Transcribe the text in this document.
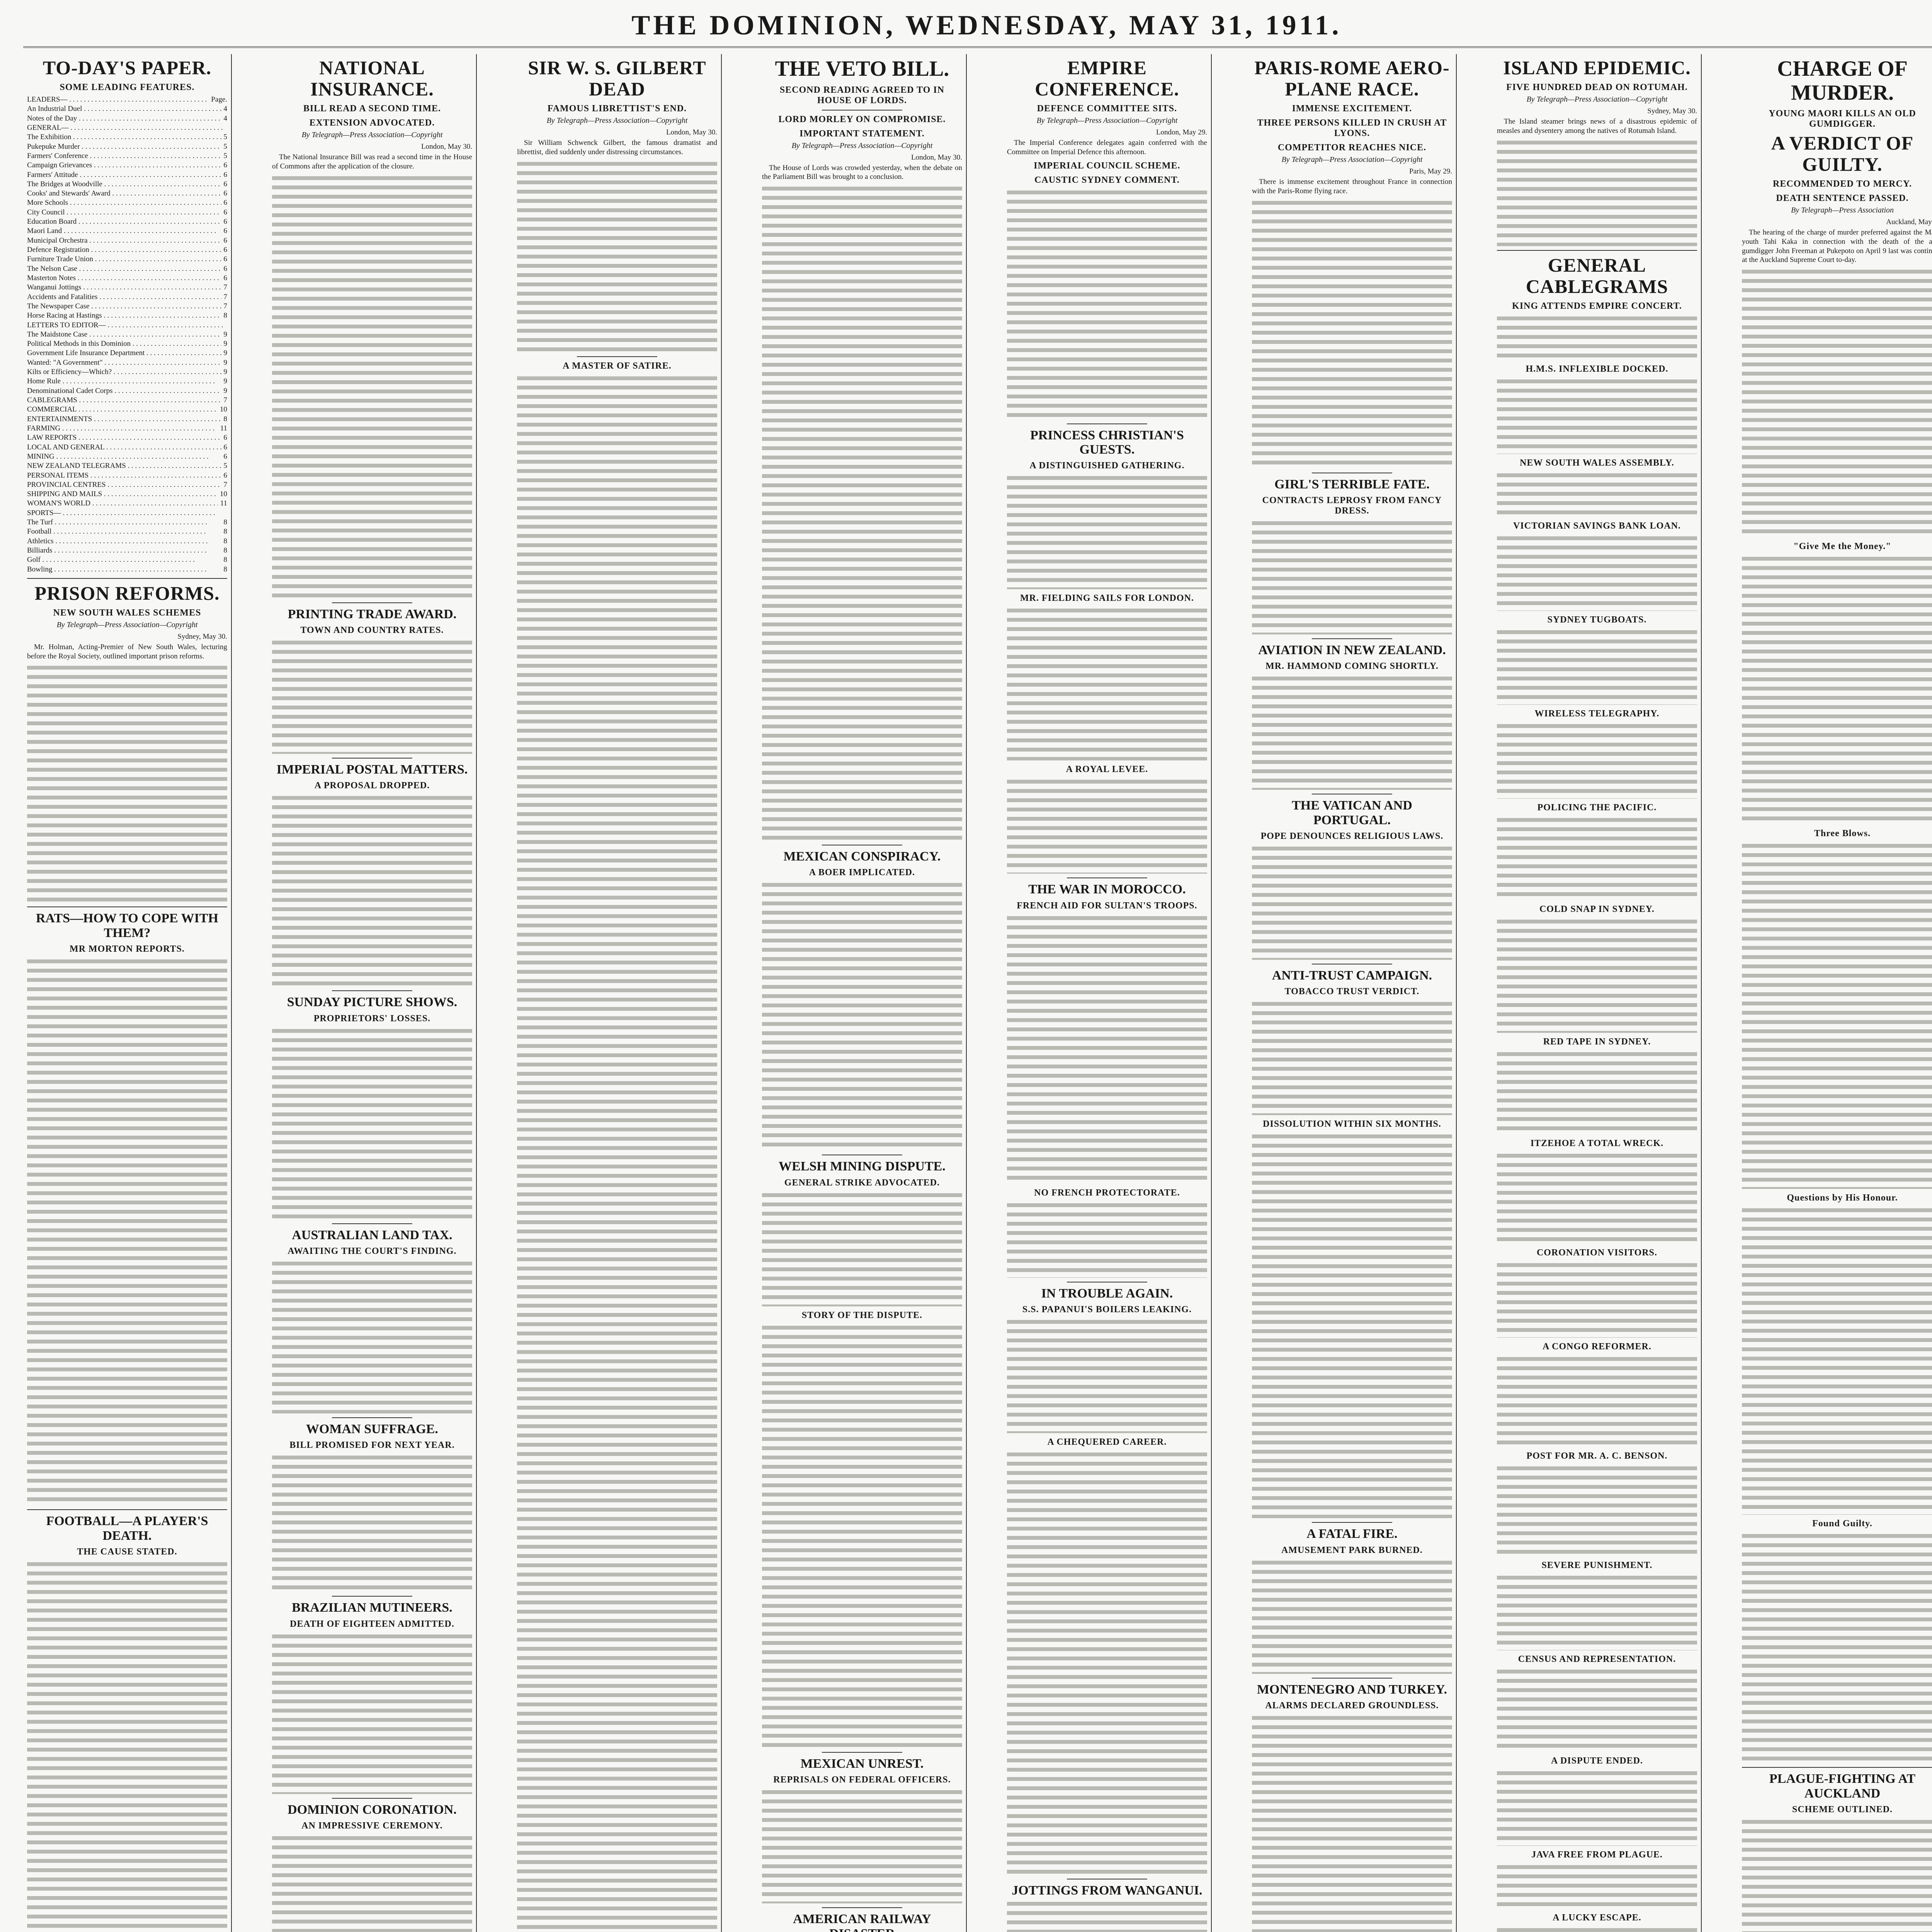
THE DOMINION, WEDNESDAY, MAY 31, 1911.
TO-DAY'S PAPER.
SOME LEADING FEATURES.
LEADERS—	Page.
An Industrial Duel	4
Notes of the Day	4
GENERAL—
The Exhibition	5
Pukepuke Murder	5
Farmers' Conference	5
Campaign Grievances	6
Farmers' Attitude	6
The Bridges at Woodville	6
Cooks' and Stewards' Award	6
More Schools	6
City Council	6
Education Board	6
Maori Land	6
Municipal Orchestra	6
Defence Registration	6
Furniture Trade Union	6
The Nelson Case	6
Masterton Notes	6
Wanganui Jottings	7
Accidents and Fatalities	7
The Newspaper Case	7
Horse Racing at Hastings	8
LETTERS TO EDITOR—
The Maidstone Case	9
Political Methods in this Dominion	9
Government Life Insurance Department	9
Wanted: "A Government"	9
Kilts or Efficiency—Which?	9
Home Rule	9
Denominational Cadet Corps	9
CABLEGRAMS	7
COMMERCIAL	10
ENTERTAINMENTS	8
FARMING	11
LAW REPORTS	6
LOCAL AND GENERAL	6
MINING	6
NEW ZEALAND TELEGRAMS	5
PERSONAL ITEMS	6
PROVINCIAL CENTRES	7
SHIPPING AND MAILS	10
WOMAN'S WORLD	11
SPORTS—
The Turf	8
Football	8
Athletics	8
Billiards	8
Golf	8
Bowling	8
PRISON REFORMS.
NEW SOUTH WALES SCHEMES
By Telegraph—Press Association—Copyright
Sydney, May 30.

Mr. Holman, Acting-Premier of New South Wales, lecturing before the Royal Society, outlined important prison reforms.

RATS—HOW TO COPE WITH THEM?
MR MORTON REPORTS.
FOOTBALL—A PLAYER'S DEATH.
THE CAUSE STATED.
NATIONAL INSURANCE.
BILL READ A SECOND TIME.
EXTENSION ADVOCATED.
By Telegraph—Press Association—Copyright
London, May 30.

The National Insurance Bill was read a second time in the House of Commons after the application of the closure.

PRINTING TRADE AWARD.
TOWN AND COUNTRY RATES.
IMPERIAL POSTAL MATTERS.
A PROPOSAL DROPPED.
SUNDAY PICTURE SHOWS.
PROPRIETORS' LOSSES.
AUSTRALIAN LAND TAX.
AWAITING THE COURT'S FINDING.
WOMAN SUFFRAGE.
BILL PROMISED FOR NEXT YEAR.
BRAZILIAN MUTINEERS.
DEATH OF EIGHTEEN ADMITTED.
DOMINION CORONATION.
AN IMPRESSIVE CEREMONY.
SIR W. S. GILBERT DEAD
FAMOUS LIBRETTIST'S END.
By Telegraph—Press Association—Copyright
London, May 30.

Sir William Schwenck Gilbert, the famous dramatist and librettist, died suddenly under distressing circumstances.

A MASTER OF SATIRE.
THE VETO BILL.
SECOND READING AGREED TO IN HOUSE OF LORDS.
LORD MORLEY ON COMPROMISE.
IMPORTANT STATEMENT.
By Telegraph—Press Association—Copyright
London, May 30.

The House of Lords was crowded yesterday, when the debate on the Parliament Bill was brought to a conclusion.

MEXICAN CONSPIRACY.
A BOER IMPLICATED.
WELSH MINING DISPUTE.
GENERAL STRIKE ADVOCATED.
STORY OF THE DISPUTE.
MEXICAN UNREST.
REPRISALS ON FEDERAL OFFICERS.
AMERICAN RAILWAY
EMPIRE CONFERENCE.
DEFENCE COMMITTEE SITS.
By Telegraph—Press Association—Copyright
London, May 29.

The Imperial Conference delegates again conferred with the Committee on Imperial Defence this afternoon.

IMPERIAL COUNCIL SCHEME.
CAUSTIC SYDNEY COMMENT.
PRINCESS CHRISTIAN'S GUESTS.
A DISTINGUISHED GATHERING.
MR. FIELDING SAILS FOR LONDON.
A ROYAL LEVEE.
THE WAR IN MOROCCO.
FRENCH AID FOR SULTAN'S TROOPS.
NO FRENCH PROTECTORATE.
IN TROUBLE AGAIN.
S.S. PAPANUI'S BOILERS LEAKING.
A CHEQUERED CAREER.
JOTTINGS FROM WANGANUI.
PARIS-ROME AERO-PLANE RACE.
IMMENSE EXCITEMENT.
THREE PERSONS KILLED IN CRUSH AT LYONS.
COMPETITOR REACHES NICE.
By Telegraph—Press Association—Copyright
Paris, May 29.

There is immense excitement throughout France in connection with the Paris-Rome flying race.

GIRL'S TERRIBLE FATE.
CONTRACTS LEPROSY FROM FANCY DRESS.
AVIATION IN NEW ZEALAND.
MR. HAMMOND COMING SHORTLY.
THE VATICAN AND PORTUGAL.
POPE DENOUNCES RELIGIOUS LAWS.
ANTI-TRUST CAMPAIGN.
TOBACCO TRUST VERDICT.
DISSOLUTION WITHIN SIX MONTHS.
A FATAL FIRE.
AMUSEMENT PARK BURNED.
MONTENEGRO AND TURKEY.
ALARMS DECLARED GROUNDLESS.
ISLAND EPIDEMIC.
FIVE HUNDRED DEAD ON ROTUMAH.
By Telegraph—Press Association—Copyright
Sydney, May 30.

The Island steamer brings news of a disastrous epidemic of measles and dysentery among the natives of Rotumah Island.

GENERAL CABLEGRAMS
KING ATTENDS EMPIRE CONCERT.
H.M.S. INFLEXIBLE DOCKED.
NEW SOUTH WALES ASSEMBLY.
VICTORIAN SAVINGS BANK LOAN.
SYDNEY TUGBOATS.
WIRELESS TELEGRAPHY.
POLICING THE PACIFIC.
COLD SNAP IN SYDNEY.
RED TAPE IN SYDNEY.
ITZEHOE A TOTAL WRECK.
CORONATION VISITORS.
A CONGO REFORMER.
POST FOR MR. A. C. BENSON.
SEVERE PUNISHMENT.
CENSUS AND REPRESENTATION.
A DISPUTE ENDED.
JAVA FREE FROM PLAGUE.
A LUCKY ESCAPE.
CHARGE OF MURDER.
YOUNG MAORI KILLS AN OLD GUMDIGGER.
A VERDICT OF GUILTY.
RECOMMENDED TO MERCY.
DEATH SENTENCE PASSED.
By Telegraph—Press Association
Auckland, May

The hearing of the charge of murder preferred against the Maori youth Tahi Kaka in connection with the death of the aged gumdigger John Freeman at Pukepoto on April 9 last was continued at the Auckland Supreme Court to-day.

"Give Me the Money."
Three Blows.
Questions by His Honour.
Found Guilty.
PLAGUE-FIGHTING AT AUCKLAND
SCHEME OUTLINED.
